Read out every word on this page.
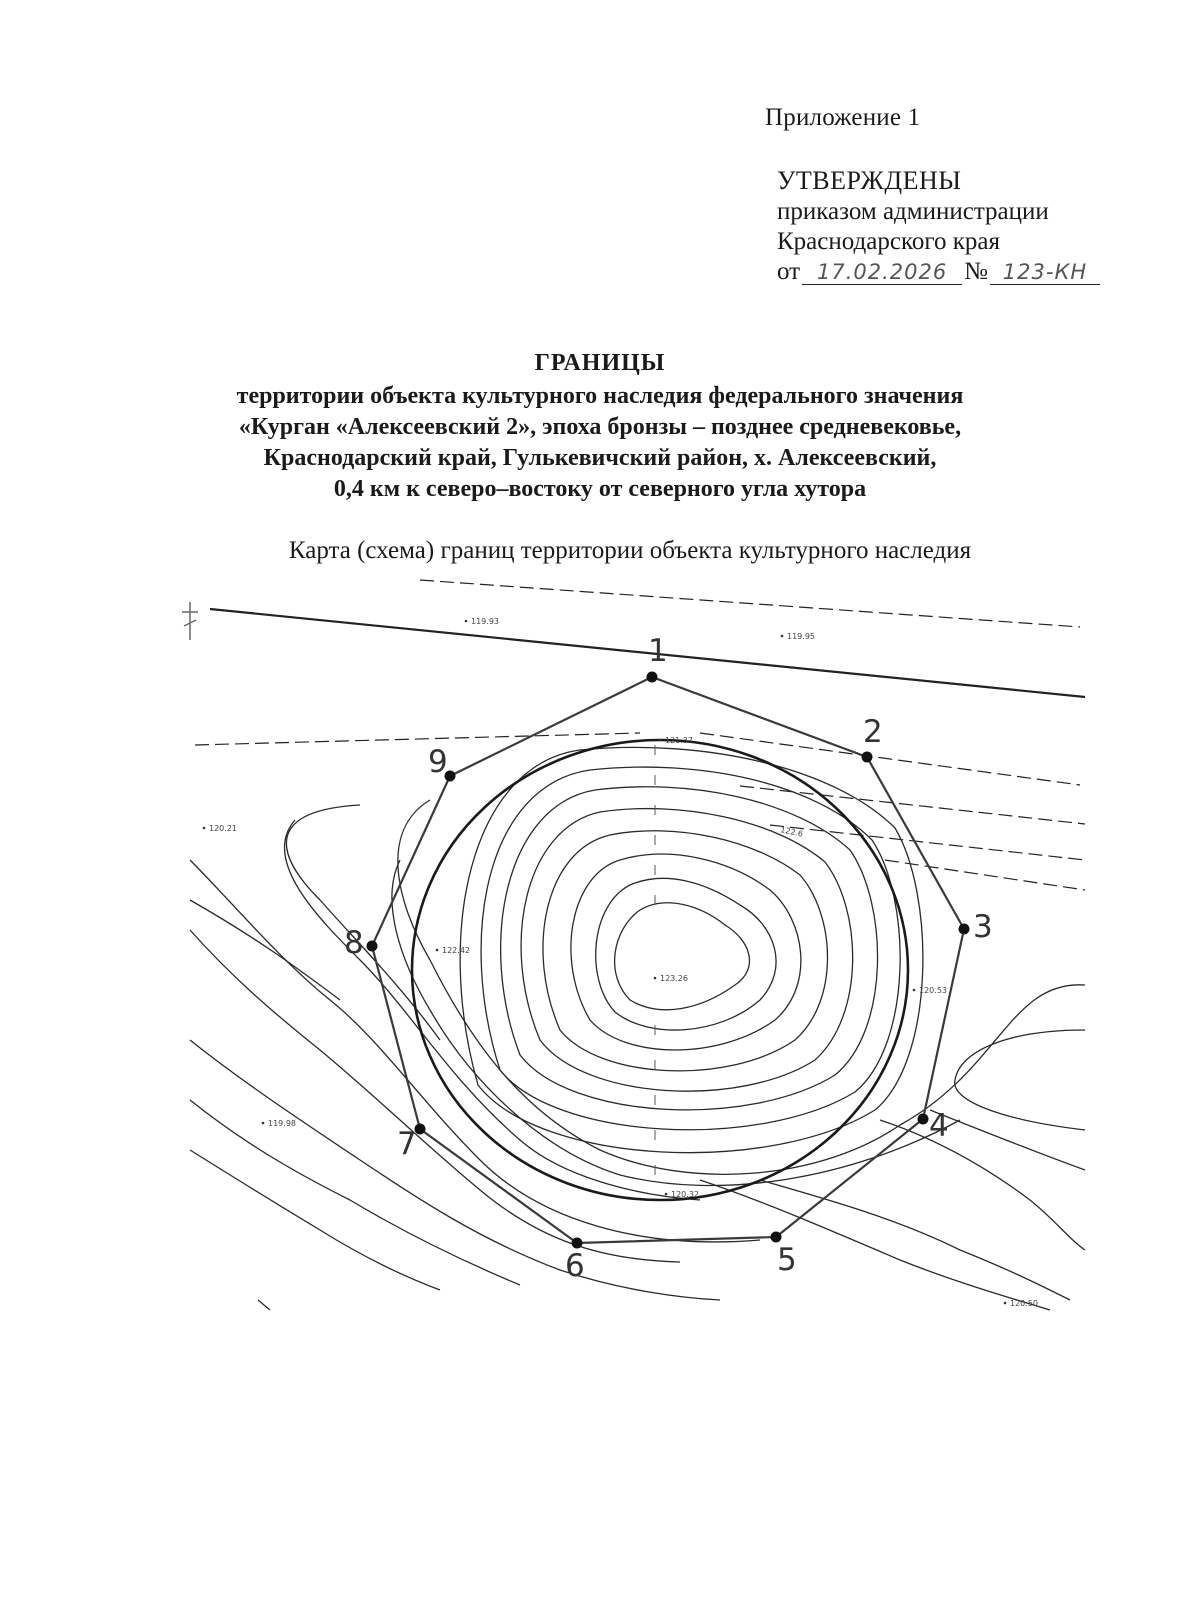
Приложение 1
УТВЕРЖДЕНЫ
приказом администрации
Краснодарского края
от 17.02.2026 № 123-КН
ГРАНИЦЫ
территории объекта культурного наследия федерального значения
«Курган «Алексеевский 2», эпоха бронзы – позднее средневековье,
Краснодарский край, Гулькевичский район, х. Алексеевский,
0,4 км к северо–востоку от северного угла хутора
Карта (схема) границ территории объекта культурного наследия
1
2
3
4
5
6
7
8
9
119.93
119.95
120.21
122.42
123.26
120.53
119.98
120.50
122.6
121.37
120.32
